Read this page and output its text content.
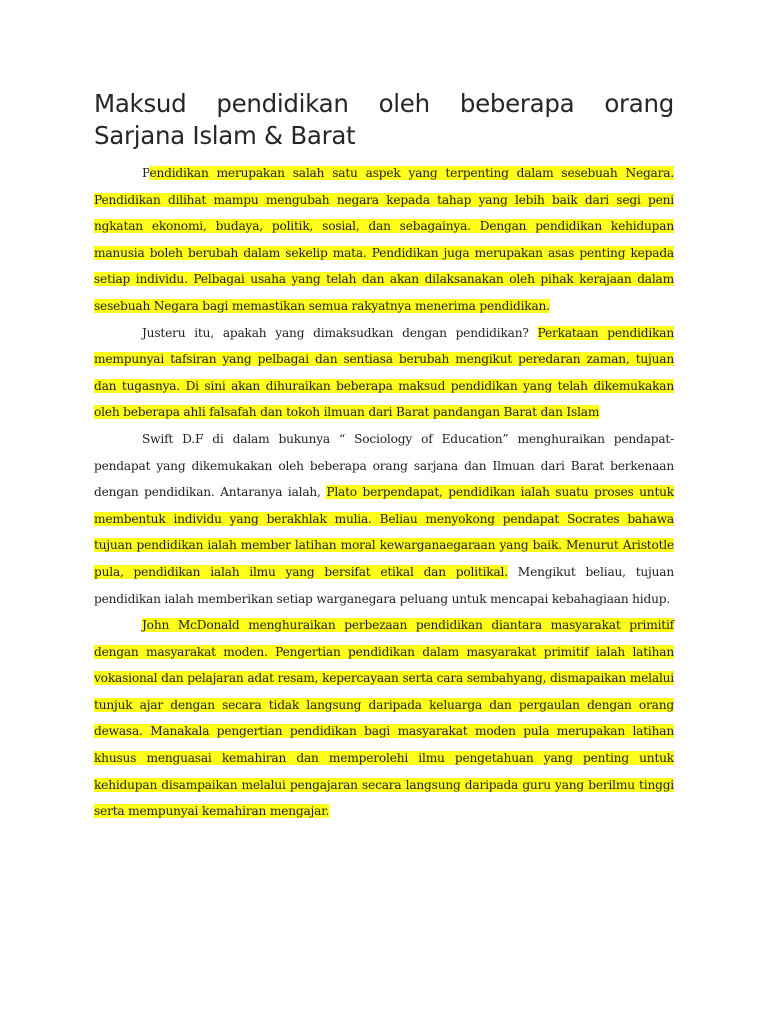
Maksud pendidikan oleh beberapa orang Sarjana Islam & Barat

Pendidikan merupakan salah satu aspek yang terpenting dalam sesebuah Negara. Pendidikan dilihat mampu mengubah negara kepada tahap yang lebih baik dari segi peni ngkatan ekonomi, budaya, politik, sosial, dan sebagainya. Dengan pendidikan kehidupan manusia boleh berubah dalam sekelip mata. Pendidikan juga merupakan asas penting kepada setiap individu. Pelbagai usaha yang telah dan akan dilaksanakan oleh pihak kerajaan dalam sesebuah Negara bagi memastikan semua rakyatnya menerima pendidikan.

Justeru itu, apakah yang dimaksudkan dengan pendidikan? Perkataan pendidikan mempunyai tafsiran yang pelbagai dan sentiasa berubah mengikut peredaran zaman, tujuan dan tugasnya. Di sini akan dihuraikan beberapa maksud pendidikan yang telah dikemukakan oleh beberapa ahli falsafah dan tokoh ilmuan dari Barat pandangan Barat dan Islam

Swift D.F di dalam bukunya “ Sociology of Education” menghuraikan pendapat-pendapat yang dikemukakan oleh beberapa orang sarjana dan Ilmuan dari Barat berkenaan dengan pendidikan. Antaranya ialah, Plato berpendapat, pendidikan ialah suatu proses untuk membentuk individu yang berakhlak mulia. Beliau menyokong pendapat Socrates bahawa tujuan pendidikan ialah member latihan moral kewarganaegaraan yang baik. Menurut Aristotle pula, pendidikan ialah ilmu yang bersifat etikal dan politikal. Mengikut beliau, tujuan pendidikan ialah memberikan setiap warganegara peluang untuk mencapai kebahagiaan hidup.

John McDonald menghuraikan perbezaan pendidikan diantara masyarakat primitif dengan masyarakat moden. Pengertian pendidikan dalam masyarakat primitif ialah latihan vokasional dan pelajaran adat resam, kepercayaan serta cara sembahyang, dismapaikan melalui tunjuk ajar dengan secara tidak langsung daripada keluarga dan pergaulan dengan orang dewasa. Manakala pengertian pendidikan bagi masyarakat moden pula merupakan latihan khusus menguasai kemahiran dan memperolehi ilmu pengetahuan yang penting untuk kehidupan disampaikan melalui pengajaran secara langsung daripada guru yang berilmu tinggi serta mempunyai kemahiran mengajar.
